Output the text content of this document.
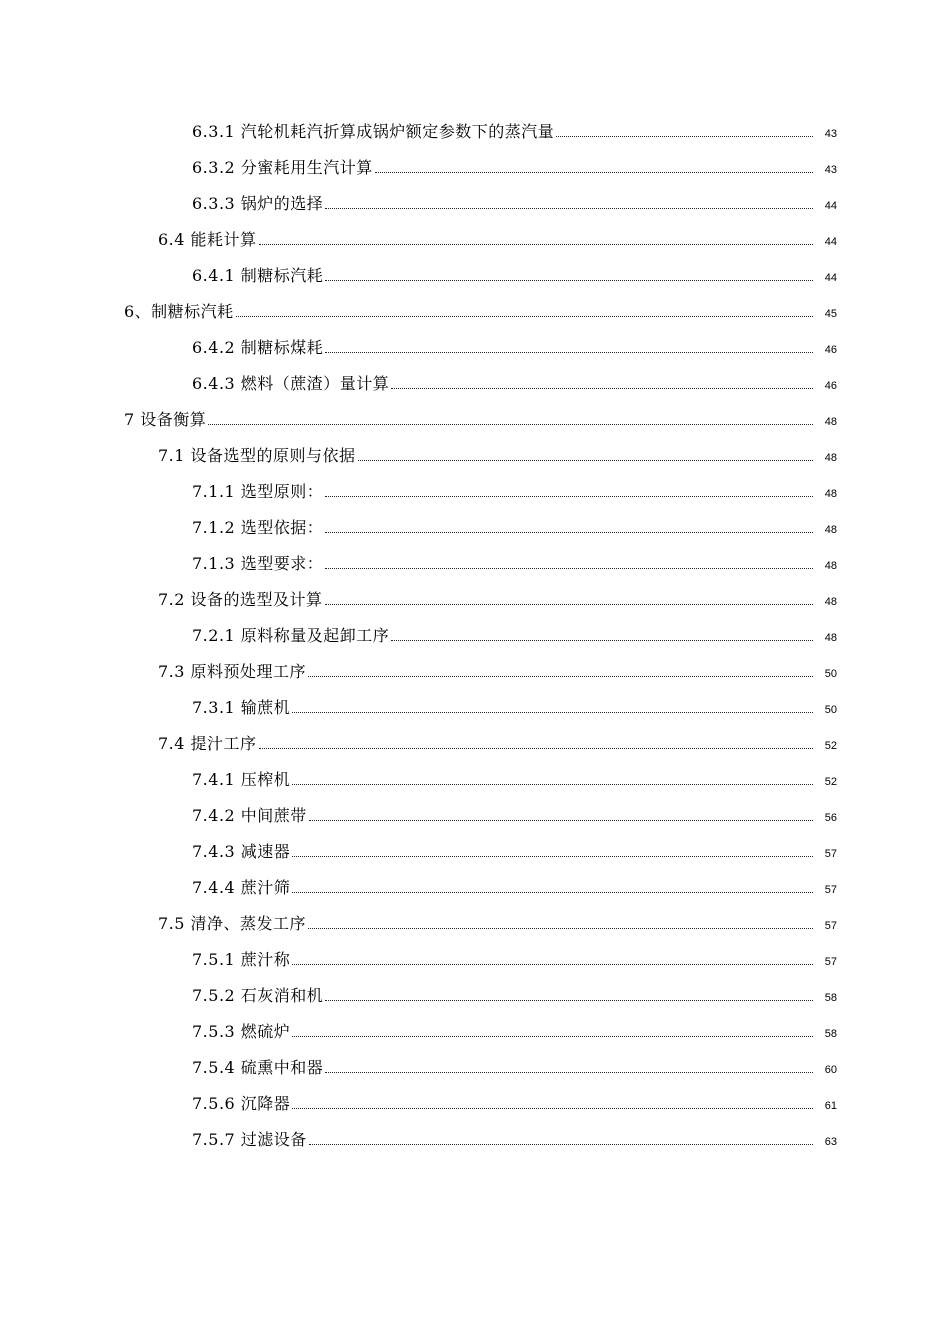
6.3.1 汽轮机耗汽折算成锅炉额定参数下的蒸汽量	43
6.3.2 分蜜耗用生汽计算	43
6.3.3 锅炉的选择	44
6.4 能耗计算	44
6.4.1 制糖标汽耗	44
6、制糖标汽耗	45
6.4.2 制糖标煤耗	46
6.4.3 燃料（蔗渣）量计算	46
7 设备衡算	48
7.1 设备选型的原则与依据	48
7.1.1 选型原则：	48
7.1.2 选型依据：	48
7.1.3 选型要求：	48
7.2 设备的选型及计算	48
7.2.1 原料称量及起卸工序	48
7.3 原料预处理工序	50
7.3.1 输蔗机	50
7.4 提汁工序	52
7.4.1 压榨机	52
7.4.2 中间蔗带	56
7.4.3 减速器	57
7.4.4 蔗汁筛	57
7.5 清净、蒸发工序	57
7.5.1 蔗汁称	57
7.5.2 石灰消和机	58
7.5.3 燃硫炉	58
7.5.4 硫熏中和器	60
7.5.6 沉降器	61
7.5.7 过滤设备	63
